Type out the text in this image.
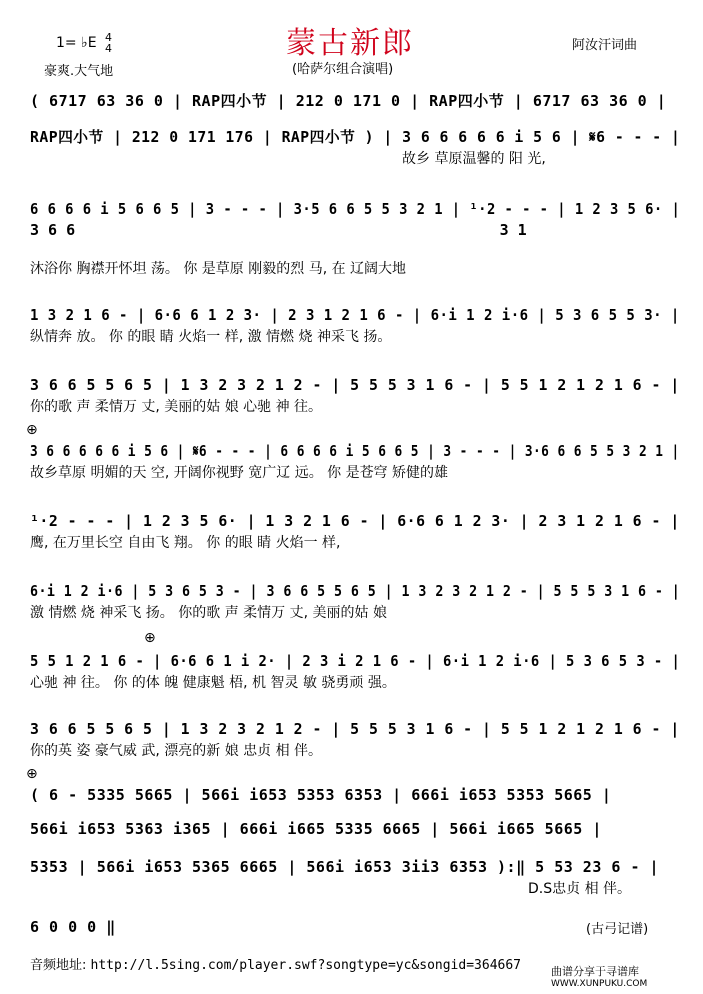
蒙古新郎
(哈萨尔组合演唱)
阿汝汗词曲
1= ♭E 4
4
豪爽.大气地
( 6717 63 36 0 | RAP四小节 | 212 0 171 0 | RAP四小节 | 6717 63 36 0 |
RAP四小节 | 212 0 171 176 | RAP四小节 ) | 3 6 6 6 6 6 i 5 6 | 𝄋6 - - - |
故乡 草原温馨的 阳 光,
6 6 6 6 i 5 6 6 5 | 3 - - - | 3·5 6 6 5 5 3 2 1 | ¹·2 - - - | 1 2 3 5 6· |
3 6 6                                               3 1
沐浴你 胸襟开怀坦 荡。 你 是草原 刚毅的烈 马, 在 辽阔大地
1 3 2 1 6 - | 6·6 6 1 2 3· | 2 3 1 2 1 6 - | 6·i 1 2 i·6 | 5 3 6 5 5 3· |
纵情奔 放。 你 的眼 睛 火焰一 样, 激 情燃 烧 神采飞 扬。
3 6 6 5 5 6 5 | 1 3 2 3 2 1 2 - | 5 5 5 3 1 6 - | 5 5 1 2 1 2 1 6 - |
你的歌 声 柔情万 丈, 美丽的姑 娘 心驰 神 往。
⊕
3 6 6 6 6 6 i 5 6 | 𝄋6 - - - | 6 6 6 6 i 5 6 6 5 | 3 - - - | 3·6 6 6 5 5 3 2 1 |
故乡草原 明媚的天 空, 开阔你视野 宽广辽 远。 你 是苍穹 矫健的雄
¹·2 - - - | 1 2 3 5 6· | 1 3 2 1 6 - | 6·6 6 1 2 3· | 2 3 1 2 1 6 - |
鹰, 在万里长空 自由飞 翔。 你 的眼 睛 火焰一 样,
6·i 1 2 i·6 | 5 3 6 5 3 - | 3 6 6 5 5 6 5 | 1 3 2 3 2 1 2 - | 5 5 5 3 1 6 - |
激 情燃 烧 神采飞 扬。 你的歌 声 柔情万 丈, 美丽的姑 娘
⊕
5 5 1 2 1 6 - | 6·6 6 1 i 2· | 2 3 i 2 1 6 - | 6·i 1 2 i·6 | 5 3 6 5 3 - |
心驰 神 往。 你 的体 魄 健康魁 梧, 机 智灵 敏 骁勇顽 强。
3 6 6 5 5 6 5 | 1 3 2 3 2 1 2 - | 5 5 5 3 1 6 - | 5 5 1 2 1 2 1 6 - |
你的英 姿 豪气威 武, 漂亮的新 娘 忠贞 相 伴。
⊕
( 6 - 5335 5665 | 566i i653 5353 6353 | 666i i653 5353 5665 |
566i i653 5363 i365 | 666i i665 5335 6665 | 566i i665 5665 |
5353 | 566i i653 5365 6665 | 566i i653 3ii3 6353 ):‖ 5 53 23 6 - |
D.S忠贞 相 伴。
6 0 0 0 ‖	(古弓记谱)
音频地址: http://l.5sing.com/player.swf?songtype=yc&songid=364667	曲谱分享于寻谱库
WWW.XUNPUKU.COM
